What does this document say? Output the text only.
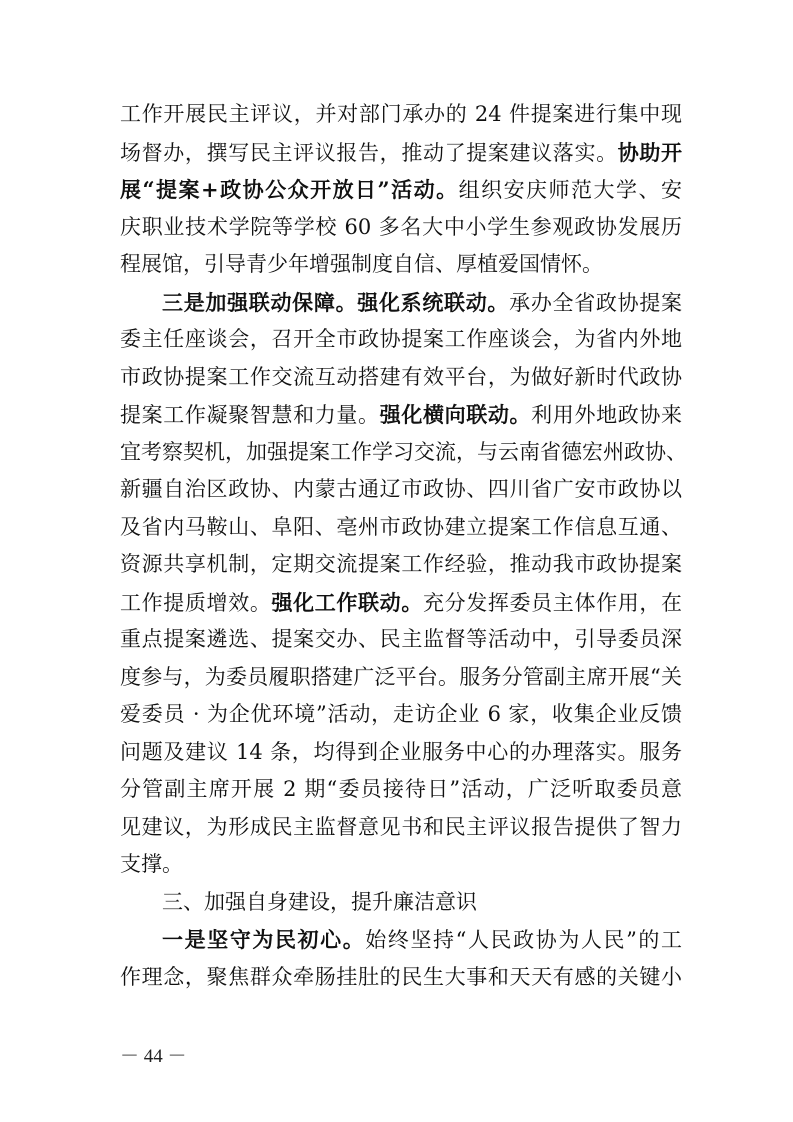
工作开展民主评议，并对部门承办的 24 件提案进行集中现
场督办，撰写民主评议报告，推动了提案建议落实。协助开
展“提案+政协公众开放日”活动。组织安庆师范大学、安
庆职业技术学院等学校 60 多名大中小学生参观政协发展历
程展馆，引导青少年增强制度自信、厚植爱国情怀。
三是加强联动保障。强化系统联动。承办全省政协提案
委主任座谈会，召开全市政协提案工作座谈会，为省内外地
市政协提案工作交流互动搭建有效平台，为做好新时代政协
提案工作凝聚智慧和力量。强化横向联动。利用外地政协来
宜考察契机，加强提案工作学习交流，与云南省德宏州政协、
新疆自治区政协、内蒙古通辽市政协、四川省广安市政协以
及省内马鞍山、阜阳、亳州市政协建立提案工作信息互通、
资源共享机制，定期交流提案工作经验，推动我市政协提案
工作提质增效。强化工作联动。充分发挥委员主体作用，在
重点提案遴选、提案交办、民主监督等活动中，引导委员深
度参与，为委员履职搭建广泛平台。服务分管副主席开展“关
爱委员 · 为企优环境”活动，走访企业 6 家，收集企业反馈
问题及建议 14 条，均得到企业服务中心的办理落实。服务
分管副主席开展 2 期“委员接待日”活动，广泛听取委员意
见建议，为形成民主监督意见书和民主评议报告提供了智力
支撑。
三、加强自身建设，提升廉洁意识
一是坚守为民初心。始终坚持“人民政协为人民”的工
作理念，聚焦群众牵肠挂肚的民生大事和天天有感的关键小
－ 44 －
